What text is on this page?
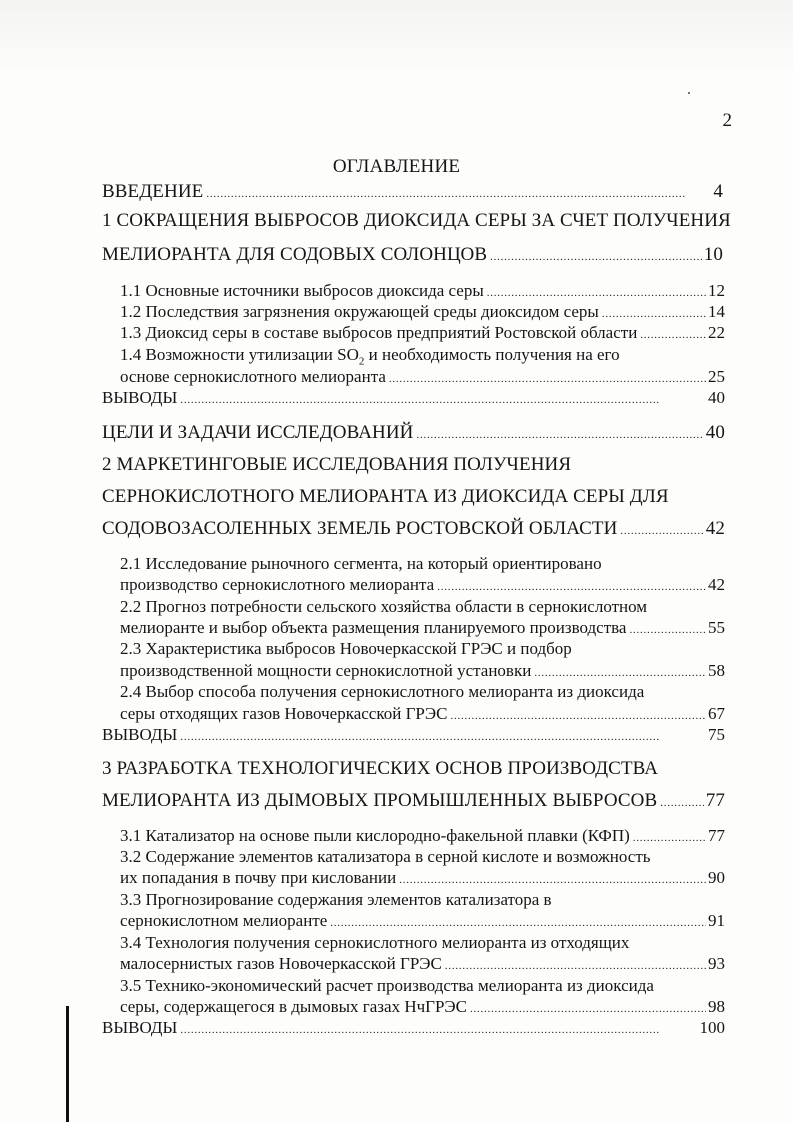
2
ОГЛАВЛЕНИЕ
ВВЕДЕНИЕ . . .	4
1 СОКРАЩЕНИЯ ВЫБРОСОВ ДИОКСИДА СЕРЫ ЗА СЧЕТ ПОЛУЧЕНИЯ
МЕЛИОРАНТА ДЛЯ СОДОВЫХ СОЛОНЦОВ . . .	10
1.1 Основные источники выбросов диоксида серы . . .	12
1.2 Последствия загрязнения окружающей среды диоксидом серы . . .	14
1.3 Диоксид серы в составе выбросов предприятий Ростовской области . . .	22
1.4 Возможности утилизации $SO_2$ и необходимость получения на его
основе сернокислотного мелиоранта . . .	25
ВЫВОДЫ . . .	40
ЦЕЛИ И ЗАДАЧИ ИССЛЕДОВАНИЙ . . .	40
2 МАРКЕТИНГОВЫЕ ИССЛЕДОВАНИЯ ПОЛУЧЕНИЯ
СЕРНОКИСЛОТНОГО МЕЛИОРАНТА ИЗ ДИОКСИДА СЕРЫ ДЛЯ
СОДОВОЗАСОЛЕННЫХ ЗЕМЕЛЬ РОСТОВСКОЙ ОБЛАСТИ . . .	42
2.1 Исследование рыночного сегмента, на который ориентировано
производство сернокислотного мелиоранта . . .	42
2.2 Прогноз потребности сельского хозяйства области в сернокислотном
мелиоранте и выбор объекта размещения планируемого производства . . .	55
2.3 Характеристика выбросов Новочеркасской ГРЭС и подбор
производственной мощности сернокислотной установки . . .	58
2.4 Выбор способа получения сернокислотного мелиоранта из диоксида
серы отходящих газов Новочеркасской ГРЭС . . .	67
ВЫВОДЫ . . .	75
3 РАЗРАБОТКА ТЕХНОЛОГИЧЕСКИХ ОСНОВ ПРОИЗВОДСТВА
МЕЛИОРАНТА ИЗ ДЫМОВЫХ ПРОМЫШЛЕННЫХ ВЫБРОСОВ . . .	77
3.1 Катализатор на основе пыли кислородно-факельной плавки (КФП) . . .	77
3.2 Содержание элементов катализатора в серной кислоте и возможность
их попадания в почву при кисловании . . .	90
3.3 Прогнозирование содержания элементов катализатора в
сернокислотном мелиоранте . . .	91
3.4 Технология получения сернокислотного мелиоранта из отходящих
малосернистых газов Новочеркасской ГРЭС . . .	93
3.5 Технико-экономический расчет производства мелиоранта из диоксида
серы, содержащегося в дымовых газах НчГРЭС . . .	98
ВЫВОДЫ . . .	100
